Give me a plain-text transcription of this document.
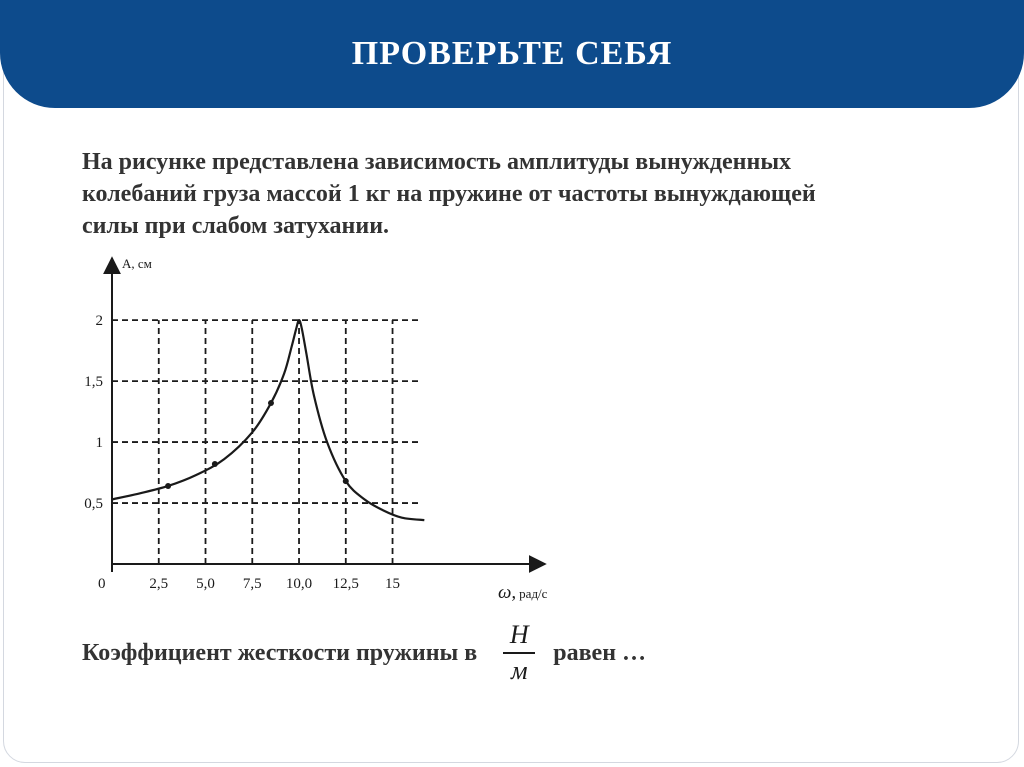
ПРОВЕРЬТЕ СЕБЯ
На рисунке представлена зависимость амплитуды вынужденных
колебаний груза массой 1 кг на пружине от частоты вынуждающей
силы при слабом затухании.
2,5 5,0 7,5 10,0 12,5 15
0,5
1
1,5
2
А, см
0	ω, рад/с
Коэффициент жесткости пружины в $\frac{Н}{м}$ равен …
